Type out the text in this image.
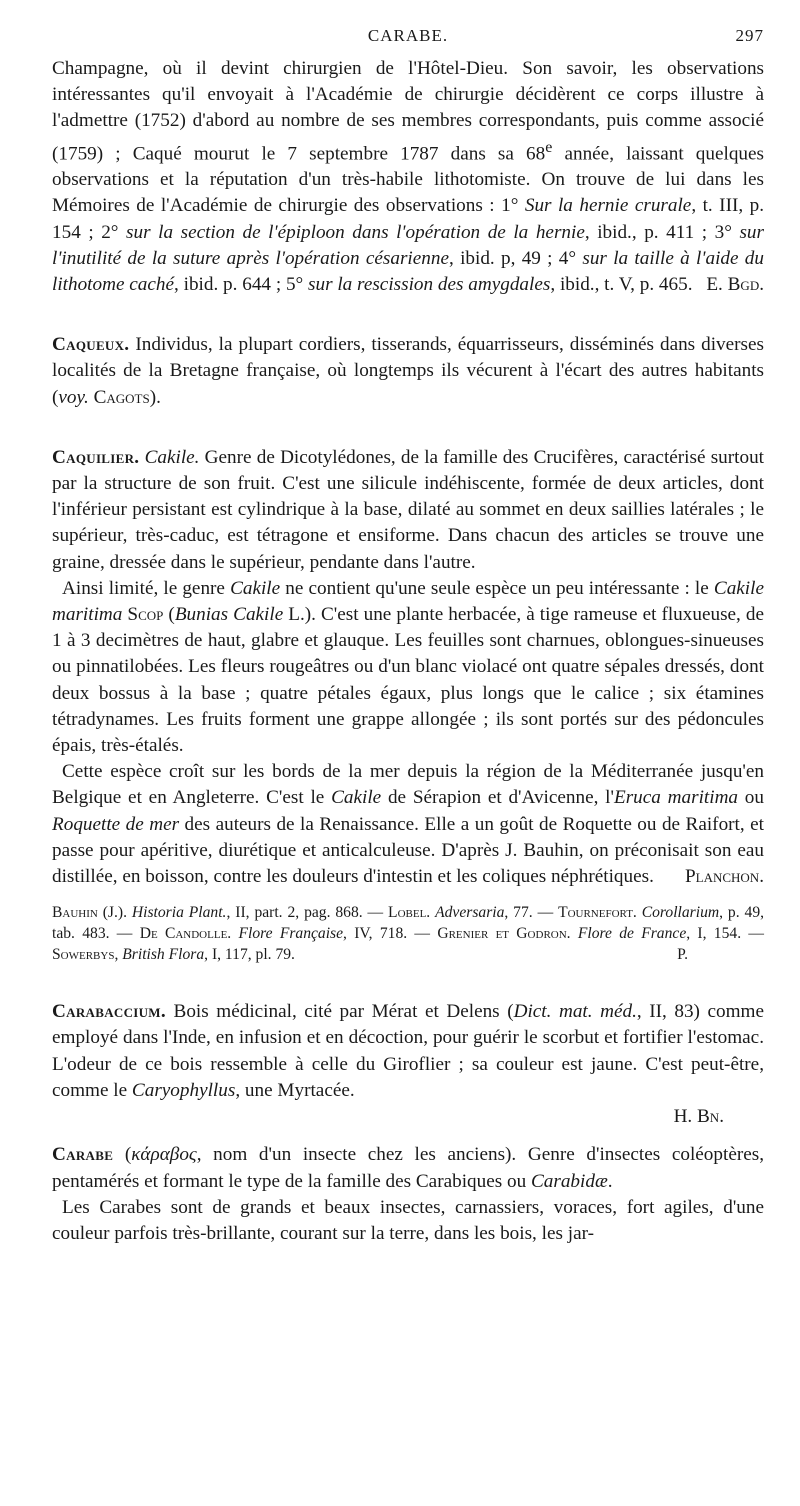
CARABE.	297

Champagne, où il devint chirurgien de l'Hôtel-Dieu. Son savoir, les observations intéressantes qu'il envoyait à l'Académie de chirurgie décidèrent ce corps illustre à l'admettre (1752) d'abord au nombre de ses membres correspondants, puis comme associé (1759) ; Caqué mourut le 7 septembre 1787 dans sa 68e année, laissant quelques observations et la réputation d'un très-habile lithotomiste. On trouve de lui dans les Mémoires de l'Académie de chirurgie des observations : 1° Sur la hernie crurale, t. III, p. 154 ; 2° sur la section de l'épiploon dans l'opération de la hernie, ibid., p. 411 ; 3° sur l'inutilité de la suture après l'opération césarienne, ibid. p, 49 ; 4° sur la taille à l'aide du lithotome caché, ibid. p. 644 ; 5° sur la rescission des amygdales, ibid., t. V, p. 465. E. Bgd.

Caqueux. Individus, la plupart cordiers, tisserands, équarrisseurs, disséminés dans diverses localités de la Bretagne française, où longtemps ils vécurent à l'écart des autres habitants (voy. Cagots).

Caquilier. Cakile. Genre de Dicotylédones, de la famille des Crucifères, caractérisé surtout par la structure de son fruit. C'est une silicule indéhiscente, formée de deux articles, dont l'inférieur persistant est cylindrique à la base, dilaté au sommet en deux saillies latérales ; le supérieur, très-caduc, est tétragone et ensiforme. Dans chacun des articles se trouve une graine, dressée dans le supérieur, pendante dans l'autre.

Ainsi limité, le genre Cakile ne contient qu'une seule espèce un peu intéressante : le Cakile maritima Scop (Bunias Cakile L.). C'est une plante herbacée, à tige rameuse et fluxueuse, de 1 à 3 decimètres de haut, glabre et glauque. Les feuilles sont charnues, oblongues-sinueuses ou pinnatilobées. Les fleurs rougeâtres ou d'un blanc violacé ont quatre sépales dressés, dont deux bossus à la base ; quatre pétales égaux, plus longs que le calice ; six étamines tétradynames. Les fruits forment une grappe allongée ; ils sont portés sur des pédoncules épais, très-étalés.

Cette espèce croît sur les bords de la mer depuis la région de la Méditerranée jusqu'en Belgique et en Angleterre. C'est le Cakile de Sérapion et d'Avicenne, l'Eruca maritima ou Roquette de mer des auteurs de la Renaissance. Elle a un goût de Roquette ou de Raifort, et passe pour apéritive, diurétique et anticalculeuse. D'après J. Bauhin, on préconisait son eau distillée, en boisson, contre les douleurs d'intestin et les coliques néphrétiques.	Planchon.

Bauhin (J.). Historia Plant., II, part. 2, pag. 868. — Lobel. Adversaria, 77. — Tournefort. Corollarium, p. 49, tab. 483. — De Candolle. Flore Française, IV, 718. — Grenier et Godron. Flore de France, I, 154. — Sowerbys, British Flora, I, 117, pl. 79.	P.

Carabaccium. Bois médicinal, cité par Mérat et Delens (Dict. mat. méd., II, 83) comme employé dans l'Inde, en infusion et en décoction, pour guérir le scorbut et fortifier l'estomac. L'odeur de ce bois ressemble à celle du Giroflier ; sa couleur est jaune. C'est peut-être, comme le Caryophyllus, une Myrtacée.

H. Bn.

Carabe (κάραβος, nom d'un insecte chez les anciens). Genre d'insectes coléoptères, pentamérés et formant le type de la famille des Carabiques ou Carabidæ.

Les Carabes sont de grands et beaux insectes, carnassiers, voraces, fort agiles, d'une couleur parfois très-brillante, courant sur la terre, dans les bois, les jar-
